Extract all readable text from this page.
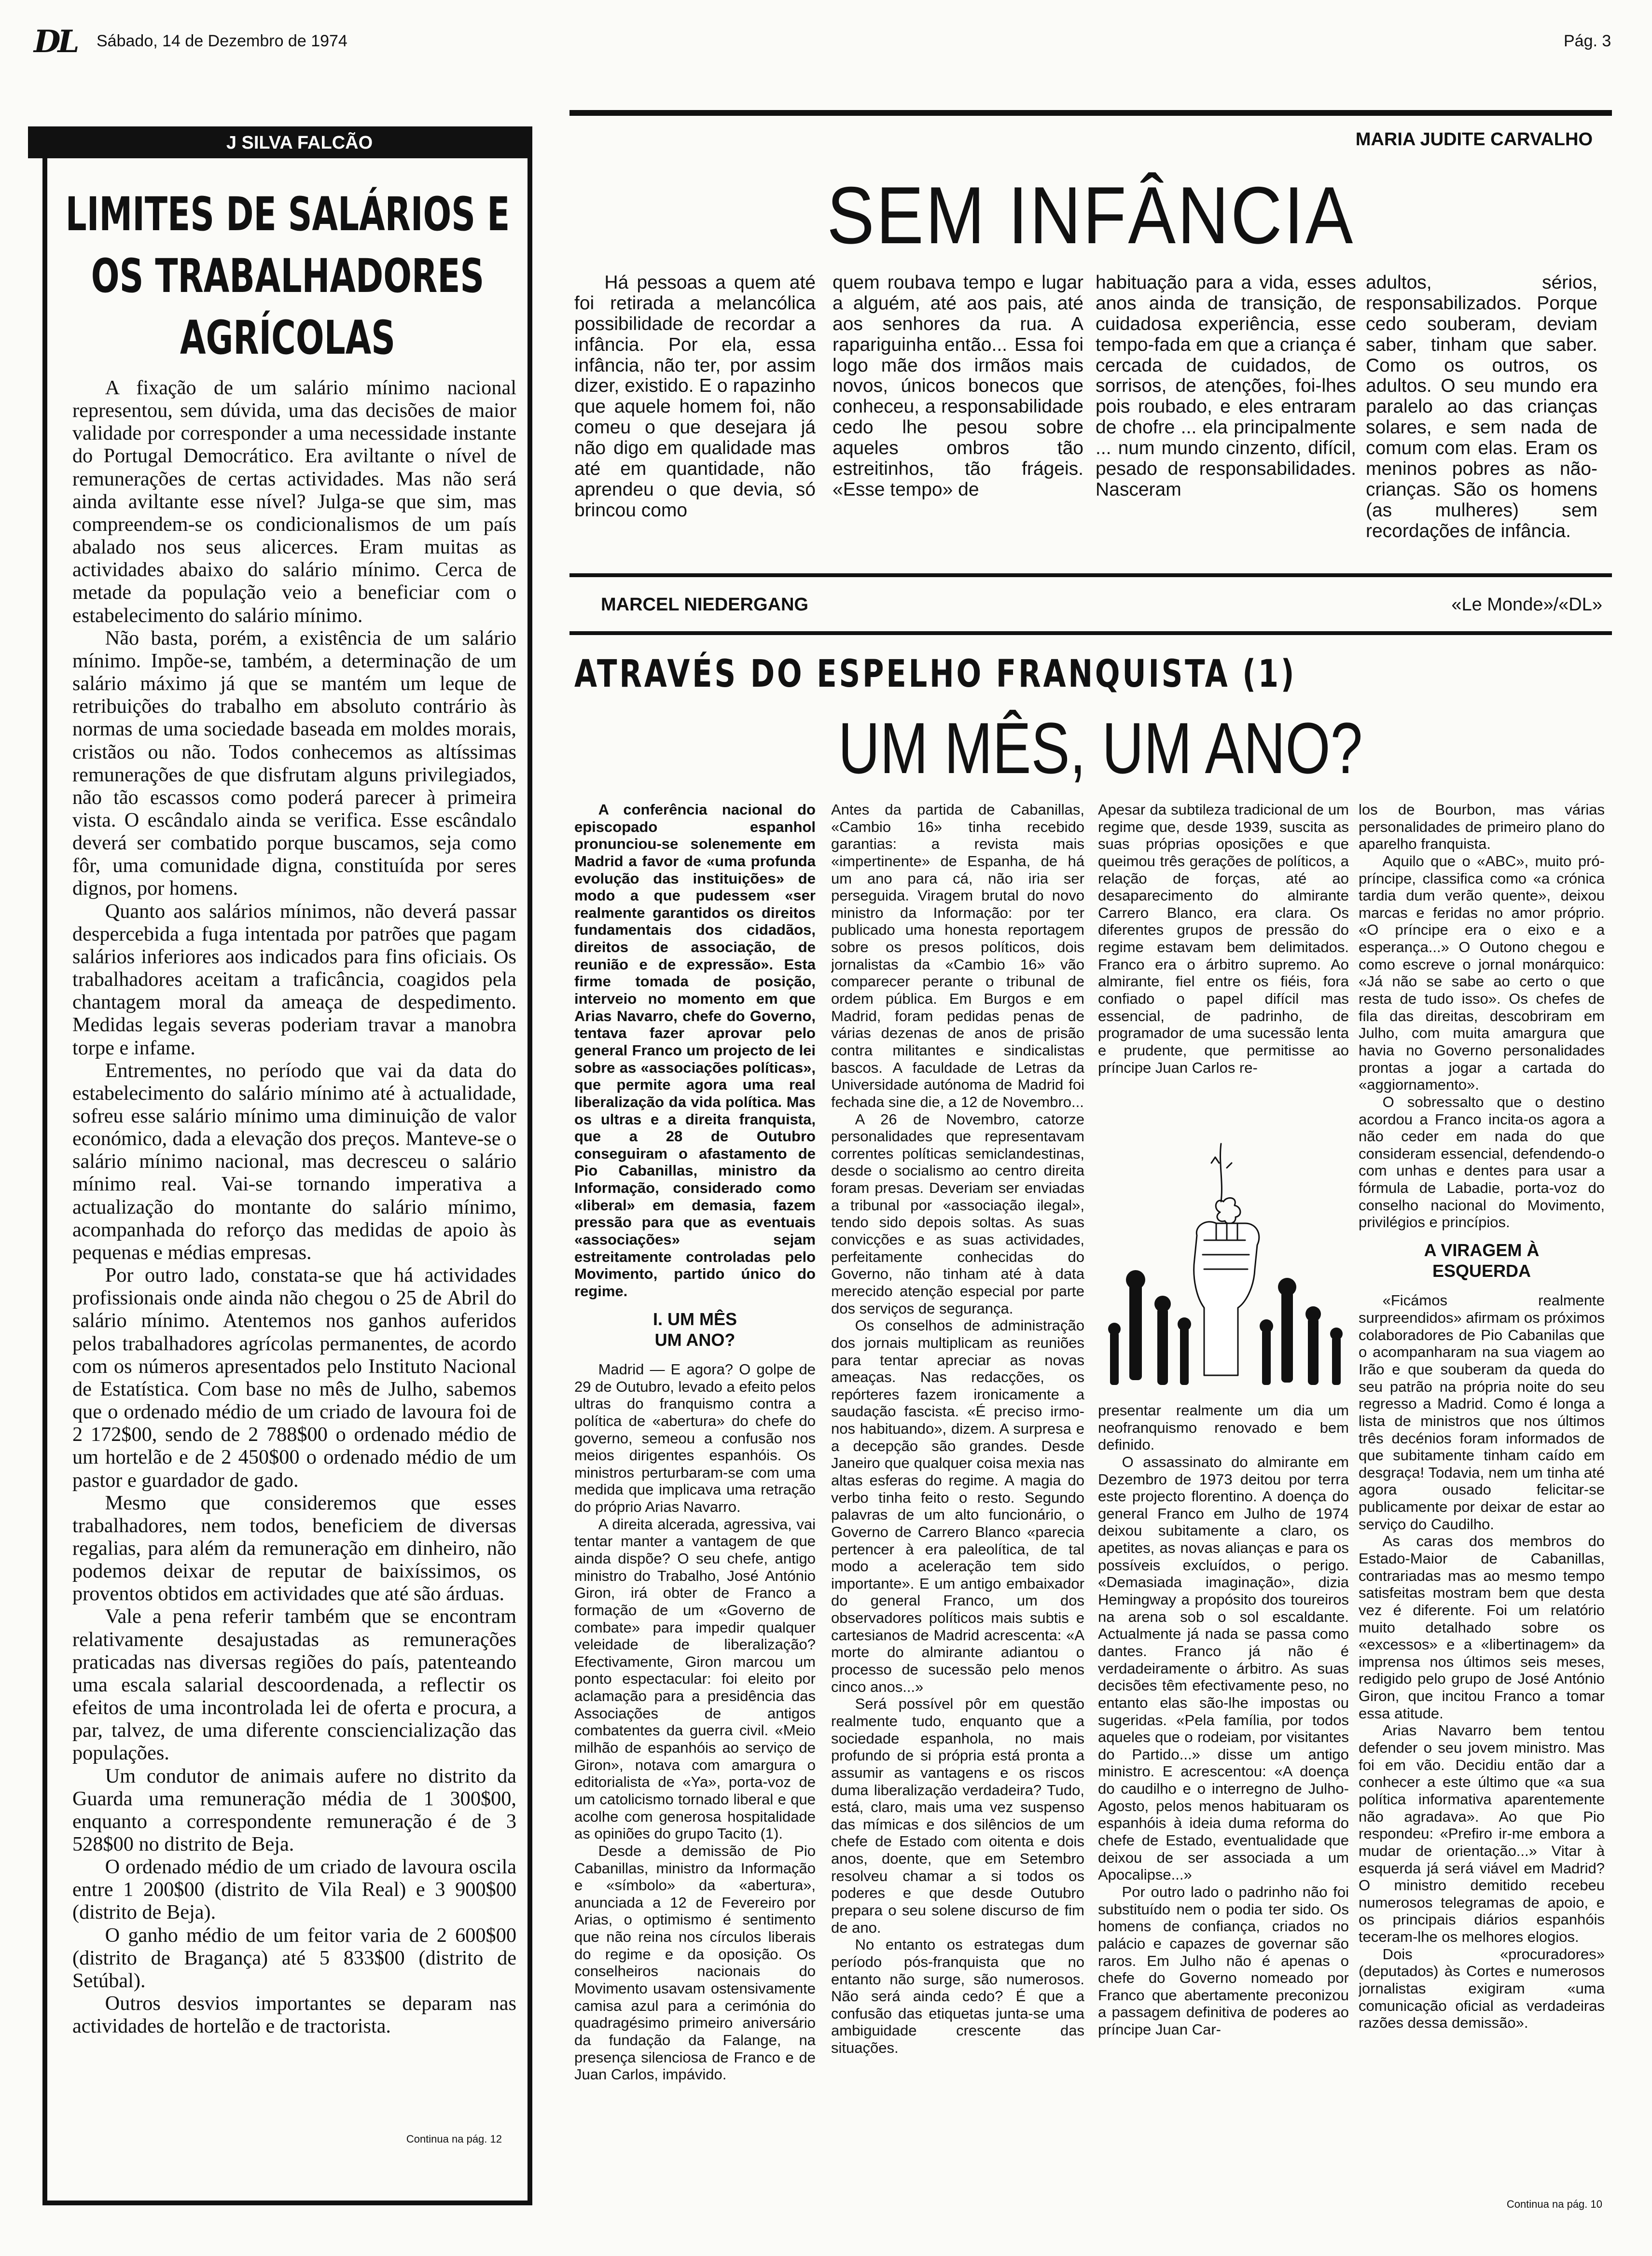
DL Sábado, 14 de Dezembro de 1974	Pág. 3
J SILVA FALCÃO
LIMITES DE SALÁRIOS E OS TRABALHADORES AGRÍCOLAS

A fixação de um salário mínimo nacional representou, sem dúvida, uma das decisões de maior validade por corresponder a uma necessidade instante do Portugal Democrático. Era aviltante o nível de remunerações de certas actividades. Mas não será ainda aviltante esse nível? Julga-se que sim, mas compreendem-se os condicionalismos de um país abalado nos seus alicerces. Eram muitas as actividades abaixo do salário mínimo. Cerca de metade da população veio a beneficiar com o estabelecimento do salário mínimo.

Não basta, porém, a existência de um salário mínimo. Impõe-se, também, a determinação de um salário máximo já que se mantém um leque de retribuições do trabalho em absoluto contrário às normas de uma sociedade baseada em moldes morais, cristãos ou não. Todos conhecemos as altíssimas remunerações de que disfrutam alguns privilegiados, não tão escassos como poderá parecer à primeira vista. O escândalo ainda se verifica. Esse escândalo deverá ser combatido porque buscamos, seja como fôr, uma comunidade digna, constituída por seres dignos, por homens.

Quanto aos salários mínimos, não deverá passar despercebida a fuga intentada por patrões que pagam salários inferiores aos indicados para fins oficiais. Os trabalhadores aceitam a traficância, coagidos pela chantagem moral da ameaça de despedimento. Medidas legais severas poderiam travar a manobra torpe e infame.

Entrementes, no período que vai da data do estabelecimento do salário mínimo até à actualidade, sofreu esse salário mínimo uma diminuição de valor económico, dada a elevação dos preços. Manteve-se o salário mínimo nacional, mas decresceu o salário mínimo real. Vai-se tornando imperativa a actualização do montante do salário mínimo, acompanhada do reforço das medidas de apoio às pequenas e médias empresas.

Por outro lado, constata-se que há actividades profissionais onde ainda não chegou o 25 de Abril do salário mínimo. Atentemos nos ganhos auferidos pelos trabalhadores agrícolas permanentes, de acordo com os números apresentados pelo Instituto Nacional de Estatística. Com base no mês de Julho, sabemos que o ordenado médio de um criado de lavoura foi de 2 172$00, sendo de 2 788$00 o ordenado médio de um hortelão e de 2 450$00 o ordenado médio de um pastor e guardador de gado.

Mesmo que consideremos que esses trabalhadores, nem todos, beneficiem de diversas regalias, para além da remuneração em dinheiro, não podemos deixar de reputar de baixíssimos, os proventos obtidos em actividades que até são árduas.

Vale a pena referir também que se encontram relativamente desajustadas as remunerações praticadas nas diversas regiões do país, patenteando uma escala salarial descoordenada, a reflectir os efeitos de uma incontrolada lei de oferta e procura, a par, talvez, de uma diferente consciencialização das populações.

Um condutor de animais aufere no distrito da Guarda uma remuneração média de 1 300$00, enquanto a correspondente remuneração é de 3 528$00 no distrito de Beja.

O ordenado médio de um criado de lavoura oscila entre 1 200$00 (distrito de Vila Real) e 3 900$00 (distrito de Beja).

O ganho médio de um feitor varia de 2 600$00 (distrito de Bragança) até 5 833$00 (distrito de Setúbal).

Outros desvios importantes se deparam nas actividades de hortelão e de tractorista.

Continua na pág. 12
MARIA JUDITE CARVALHO
SEM INFÂNCIA

Há pessoas a quem até foi retirada a melancólica possibilidade de recordar a infância. Por ela, essa infância, não ter, por assim dizer, existido. E o rapazinho que aquele homem foi, não comeu o que desejara já não digo em qualidade mas até em quantidade, não aprendeu o que devia, só brincou como

quem roubava tempo e lugar a alguém, até aos pais, até aos senhores da rua. A rapariguinha então... Essa foi logo mãe dos irmãos mais novos, únicos bonecos que conheceu, a responsabilidade cedo lhe pesou sobre aqueles ombros tão estreitinhos, tão frágeis. «Esse tempo» de

habituação para a vida, esses anos ainda de transição, de cuidadosa experiência, esse tempo-fada em que a criança é cercada de cuidados, de sorrisos, de atenções, foi-lhes pois roubado, e eles entraram de chofre ... ela principalmente ... num mundo cinzento, difícil, pesado de responsabilidades. Nasceram

adultos, sérios, responsabilizados. Porque cedo souberam, deviam saber, tinham que saber. Como os outros, os adultos. O seu mundo era paralelo ao das crianças solares, e sem nada de comum com elas. Eram os meninos pobres as não-crianças. São os homens (as mulheres) sem recordações de infância.

MARCEL NIEDERGANG	«Le Monde»/«DL»
ATRAVÉS DO ESPELHO FRANQUISTA (1)
UM MÊS, UM ANO?

A conferência nacional do episcopado espanhol pronunciou-se solenemente em Madrid a favor de «uma profunda evolução das instituições» de modo a que pudessem «ser realmente garantidos os direitos fundamentais dos cidadãos, direitos de associação, de reunião e de expressão». Esta firme tomada de posição, interveio no momento em que Arias Navarro, chefe do Governo, tentava fazer aprovar pelo general Franco um projecto de lei sobre as «associações políticas», que permite agora uma real liberalização da vida política. Mas os ultras e a direita franquista, que a 28 de Outubro conseguiram o afastamento de Pio Cabanillas, ministro da Informação, considerado como «liberal» em demasia, fazem pressão para que as eventuais «associações» sejam estreitamente controladas pelo Movimento, partido único do regime.

I. UM MÊS UM ANO?

Madrid — E agora? O golpe de 29 de Outubro, levado a efeito pelos ultras do franquismo contra a política de «abertura» do chefe do governo, semeou a confusão nos meios dirigentes espanhóis. Os ministros perturbaram-se com uma medida que implicava uma retração do próprio Arias Navarro.

A direita alcerada, agressiva, vai tentar manter a vantagem de que ainda dispõe? O seu chefe, antigo ministro do Trabalho, José António Giron, irá obter de Franco a formação de um «Governo de combate» para impedir qualquer veleidade de liberalização? Efectivamente, Giron marcou um ponto espectacular: foi eleito por aclamação para a presidência das Associações de antigos combatentes da guerra civil. «Meio milhão de espanhóis ao serviço de Giron», notava com amargura o editorialista de «Ya», porta-voz de um catolicismo tornado liberal e que acolhe com generosa hospitalidade as opiniões do grupo Tacito (1).

Desde a demissão de Pio Cabanillas, ministro da Informação e «símbolo» da «abertura», anunciada a 12 de Fevereiro por Arias, o optimismo é sentimento que não reina nos círculos liberais do regime e da oposição. Os conselheiros nacionais do Movimento usavam ostensivamente camisa azul para a cerimónia do quadragésimo primeiro aniversário da fundação da Falange, na presença silenciosa de Franco e de Juan Carlos, impávido.

Antes da partida de Cabanillas, «Cambio 16» tinha recebido garantias: a revista mais «impertinente» de Espanha, de há um ano para cá, não iria ser perseguida. Viragem brutal do novo ministro da Informação: por ter publicado uma honesta reportagem sobre os presos políticos, dois jornalistas da «Cambio 16» vão comparecer perante o tribunal de ordem pública. Em Burgos e em Madrid, foram pedidas penas de várias dezenas de anos de prisão contra militantes e sindicalistas bascos. A faculdade de Letras da Universidade autónoma de Madrid foi fechada sine die, a 12 de Novembro...

A 26 de Novembro, catorze personalidades que representavam correntes políticas semiclandestinas, desde o socialismo ao centro direita foram presas. Deveriam ser enviadas a tribunal por «associação ilegal», tendo sido depois soltas. As suas convicções e as suas actividades, perfeitamente conhecidas do Governo, não tinham até à data merecido atenção especial por parte dos serviços de segurança.

Os conselhos de administração dos jornais multiplicam as reuniões para tentar apreciar as novas ameaças. Nas redacções, os repórteres fazem ironicamente a saudação fascista. «É preciso irmo-nos habituando», dizem. A surpresa e a decepção são grandes. Desde Janeiro que qualquer coisa mexia nas altas esferas do regime. A magia do verbo tinha feito o resto. Segundo palavras de um alto funcionário, o Governo de Carrero Blanco «parecia pertencer à era paleolítica, de tal modo a aceleração tem sido importante». E um antigo embaixador do general Franco, um dos observadores políticos mais subtis e cartesianos de Madrid acrescenta: «A morte do almirante adiantou o processo de sucessão pelo menos cinco anos...»

Será possível pôr em questão realmente tudo, enquanto que a sociedade espanhola, no mais profundo de si própria está pronta a assumir as vantagens e os riscos duma liberalização verdadeira? Tudo, está, claro, mais uma vez suspenso das mímicas e dos silêncios de um chefe de Estado com oitenta e dois anos, doente, que em Setembro resolveu chamar a si todos os poderes e que desde Outubro prepara o seu solene discurso de fim de ano.

No entanto os estrategas dum período pós-franquista que no entanto não surge, são numerosos. Não será ainda cedo? É que a confusão das etiquetas junta-se uma ambiguidade crescente das situações.

Apesar da subtileza tradicional de um regime que, desde 1939, suscita as suas próprias oposições e que queimou três gerações de políticos, a relação de forças, até ao desaparecimento do almirante Carrero Blanco, era clara. Os diferentes grupos de pressão do regime estavam bem delimitados. Franco era o árbitro supremo. Ao almirante, fiel entre os fiéis, fora confiado o papel difícil mas essencial, de padrinho, de programador de uma sucessão lenta e prudente, que permitisse ao príncipe Juan Carlos re-

presentar realmente um dia um neofranquismo renovado e bem definido.

O assassinato do almirante em Dezembro de 1973 deitou por terra este projecto florentino. A doença do general Franco em Julho de 1974 deixou subitamente a claro, os apetites, as novas alianças e para os possíveis excluídos, o perigo. «Demasiada imaginação», dizia Hemingway a propósito dos toureiros na arena sob o sol escaldante. Actualmente já nada se passa como dantes. Franco já não é verdadeiramente o árbitro. As suas decisões têm efectivamente peso, no entanto elas são-lhe impostas ou sugeridas. «Pela família, por todos aqueles que o rodeiam, por visitantes do Partido...» disse um antigo ministro. E acrescentou: «A doença do caudilho e o interregno de Julho-Agosto, pelos menos habituaram os espanhóis à ideia duma reforma do chefe de Estado, eventualidade que deixou de ser associada a um Apocalipse...»

Por outro lado o padrinho não foi substituído nem o podia ter sido. Os homens de confiança, criados no palácio e capazes de governar são raros. Em Julho não é apenas o chefe do Governo nomeado por Franco que abertamente preconizou a passagem definitiva de poderes ao príncipe Juan Car-

los de Bourbon, mas várias personalidades de primeiro plano do aparelho franquista.

Aquilo que o «ABC», muito pró-príncipe, classifica como «a crónica tardia dum verão quente», deixou marcas e feridas no amor próprio. «O príncipe era o eixo e a esperança...» O Outono chegou e como escreve o jornal monárquico: «Já não se sabe ao certo o que resta de tudo isso». Os chefes de fila das direitas, descobriram em Julho, com muita amargura que havia no Governo personalidades prontas a jogar a cartada do «aggiornamento».

O sobressalto que o destino acordou a Franco incita-os agora a não ceder em nada do que consideram essencial, defendendo-o com unhas e dentes para usar a fórmula de Labadie, porta-voz do conselho nacional do Movimento, privilégios e princípios.

A VIRAGEM À ESQUERDA

«Ficámos realmente surpreendidos» afirmam os próximos colaboradores de Pio Cabanilas que o acompanharam na sua viagem ao Irão e que souberam da queda do seu patrão na própria noite do seu regresso a Madrid. Como é longa a lista de ministros que nos últimos três decénios foram informados de que subitamente tinham caído em desgraça! Todavia, nem um tinha até agora ousado felicitar-se publicamente por deixar de estar ao serviço do Caudilho.

As caras dos membros do Estado-Maior de Cabanillas, contrariadas mas ao mesmo tempo satisfeitas mostram bem que desta vez é diferente. Foi um relatório muito detalhado sobre os «excessos» e a «libertinagem» da imprensa nos últimos seis meses, redigido pelo grupo de José António Giron, que incitou Franco a tomar essa atitude.

Arias Navarro bem tentou defender o seu jovem ministro. Mas foi em vão. Decidiu então dar a conhecer a este último que «a sua política informativa aparentemente não agradava». Ao que Pio respondeu: «Prefiro ir-me embora a mudar de orientação...» Vitar à esquerda já será viável em Madrid? O ministro demitido recebeu numerosos telegramas de apoio, e os principais diários espanhóis teceram-lhe os melhores elogios.

Dois «procuradores» (deputados) às Cortes e numerosos jornalistas exigiram «uma comunicação oficial as verdadeiras razões dessa demissão».

Continua na pág. 10
